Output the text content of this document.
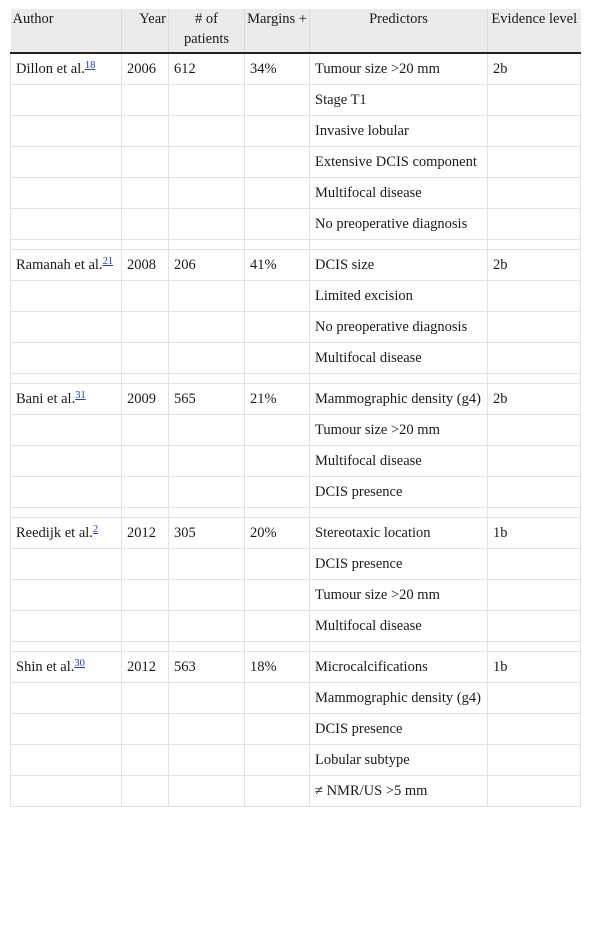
Author	Year	# of patients	Margins +	Predictors	Evidence level
Dillon et al.$^{18}$	2006	612	34%	Tumour size >20 mm	2b
				Stage T1	
				Invasive lobular	
				Extensive DCIS component	
				Multifocal disease	
				No preoperative diagnosis	

Ramanah et al.$^{21}$	2008	206	41%	DCIS size	2b
				Limited excision	
				No preoperative diagnosis	
				Multifocal disease	

Bani et al.$^{31}$	2009	565	21%	Mammographic density (g4)	2b
				Tumour size >20 mm	
				Multifocal disease	
				DCIS presence	

Reedijk et al.$^2$	2012	305	20%	Stereotaxic location	1b
				DCIS presence	
				Tumour size >20 mm	
				Multifocal disease	

Shin et al.$^{30}$	2012	563	18%	Microcalcifications	1b
				Mammographic density (g4)	
				DCIS presence	
				Lobular subtype	
				≠ NMR/US >5 mm	
